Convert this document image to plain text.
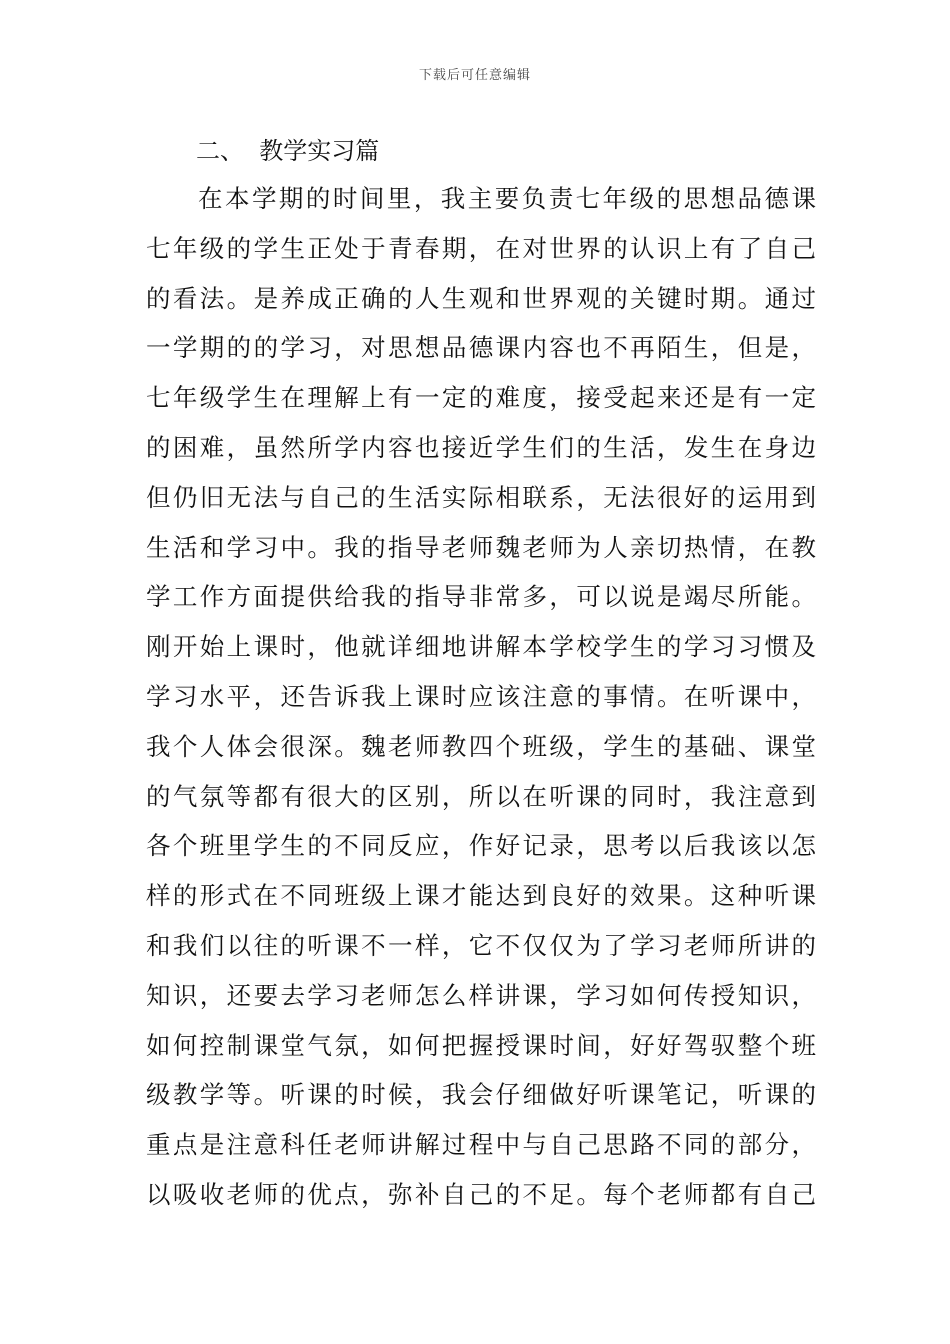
下载后可任意编辑
二、  教学实习篇
在本学期的时间里，我主要负责七年级的思想品德课
七年级的学生正处于青春期，在对世界的认识上有了自己
的看法。是养成正确的人生观和世界观的关键时期。通过
一学期的的学习，对思想品德课内容也不再陌生，但是，
七年级学生在理解上有一定的难度，接受起来还是有一定
的困难，虽然所学内容也接近学生们的生活，发生在身边
但仍旧无法与自己的生活实际相联系，无法很好的运用到
生活和学习中。我的指导老师魏老师为人亲切热情，在教
学工作方面提供给我的指导非常多，可以说是竭尽所能。
刚开始上课时，他就详细地讲解本学校学生的学习习惯及
学习水平，还告诉我上课时应该注意的事情。在听课中，
我个人体会很深。魏老师教四个班级，学生的基础、课堂
的气氛等都有很大的区别，所以在听课的同时，我注意到
各个班里学生的不同反应，作好记录，思考以后我该以怎
样的形式在不同班级上课才能达到良好的效果。这种听课
和我们以往的听课不一样，它不仅仅为了学习老师所讲的
知识，还要去学习老师怎么样讲课，学习如何传授知识，
如何控制课堂气氛，如何把握授课时间，好好驾驭整个班
级教学等。听课的时候，我会仔细做好听课笔记，听课的
重点是注意科任老师讲解过程中与自己思路不同的部分，
以吸收老师的优点，弥补自己的不足。每个老师都有自己
